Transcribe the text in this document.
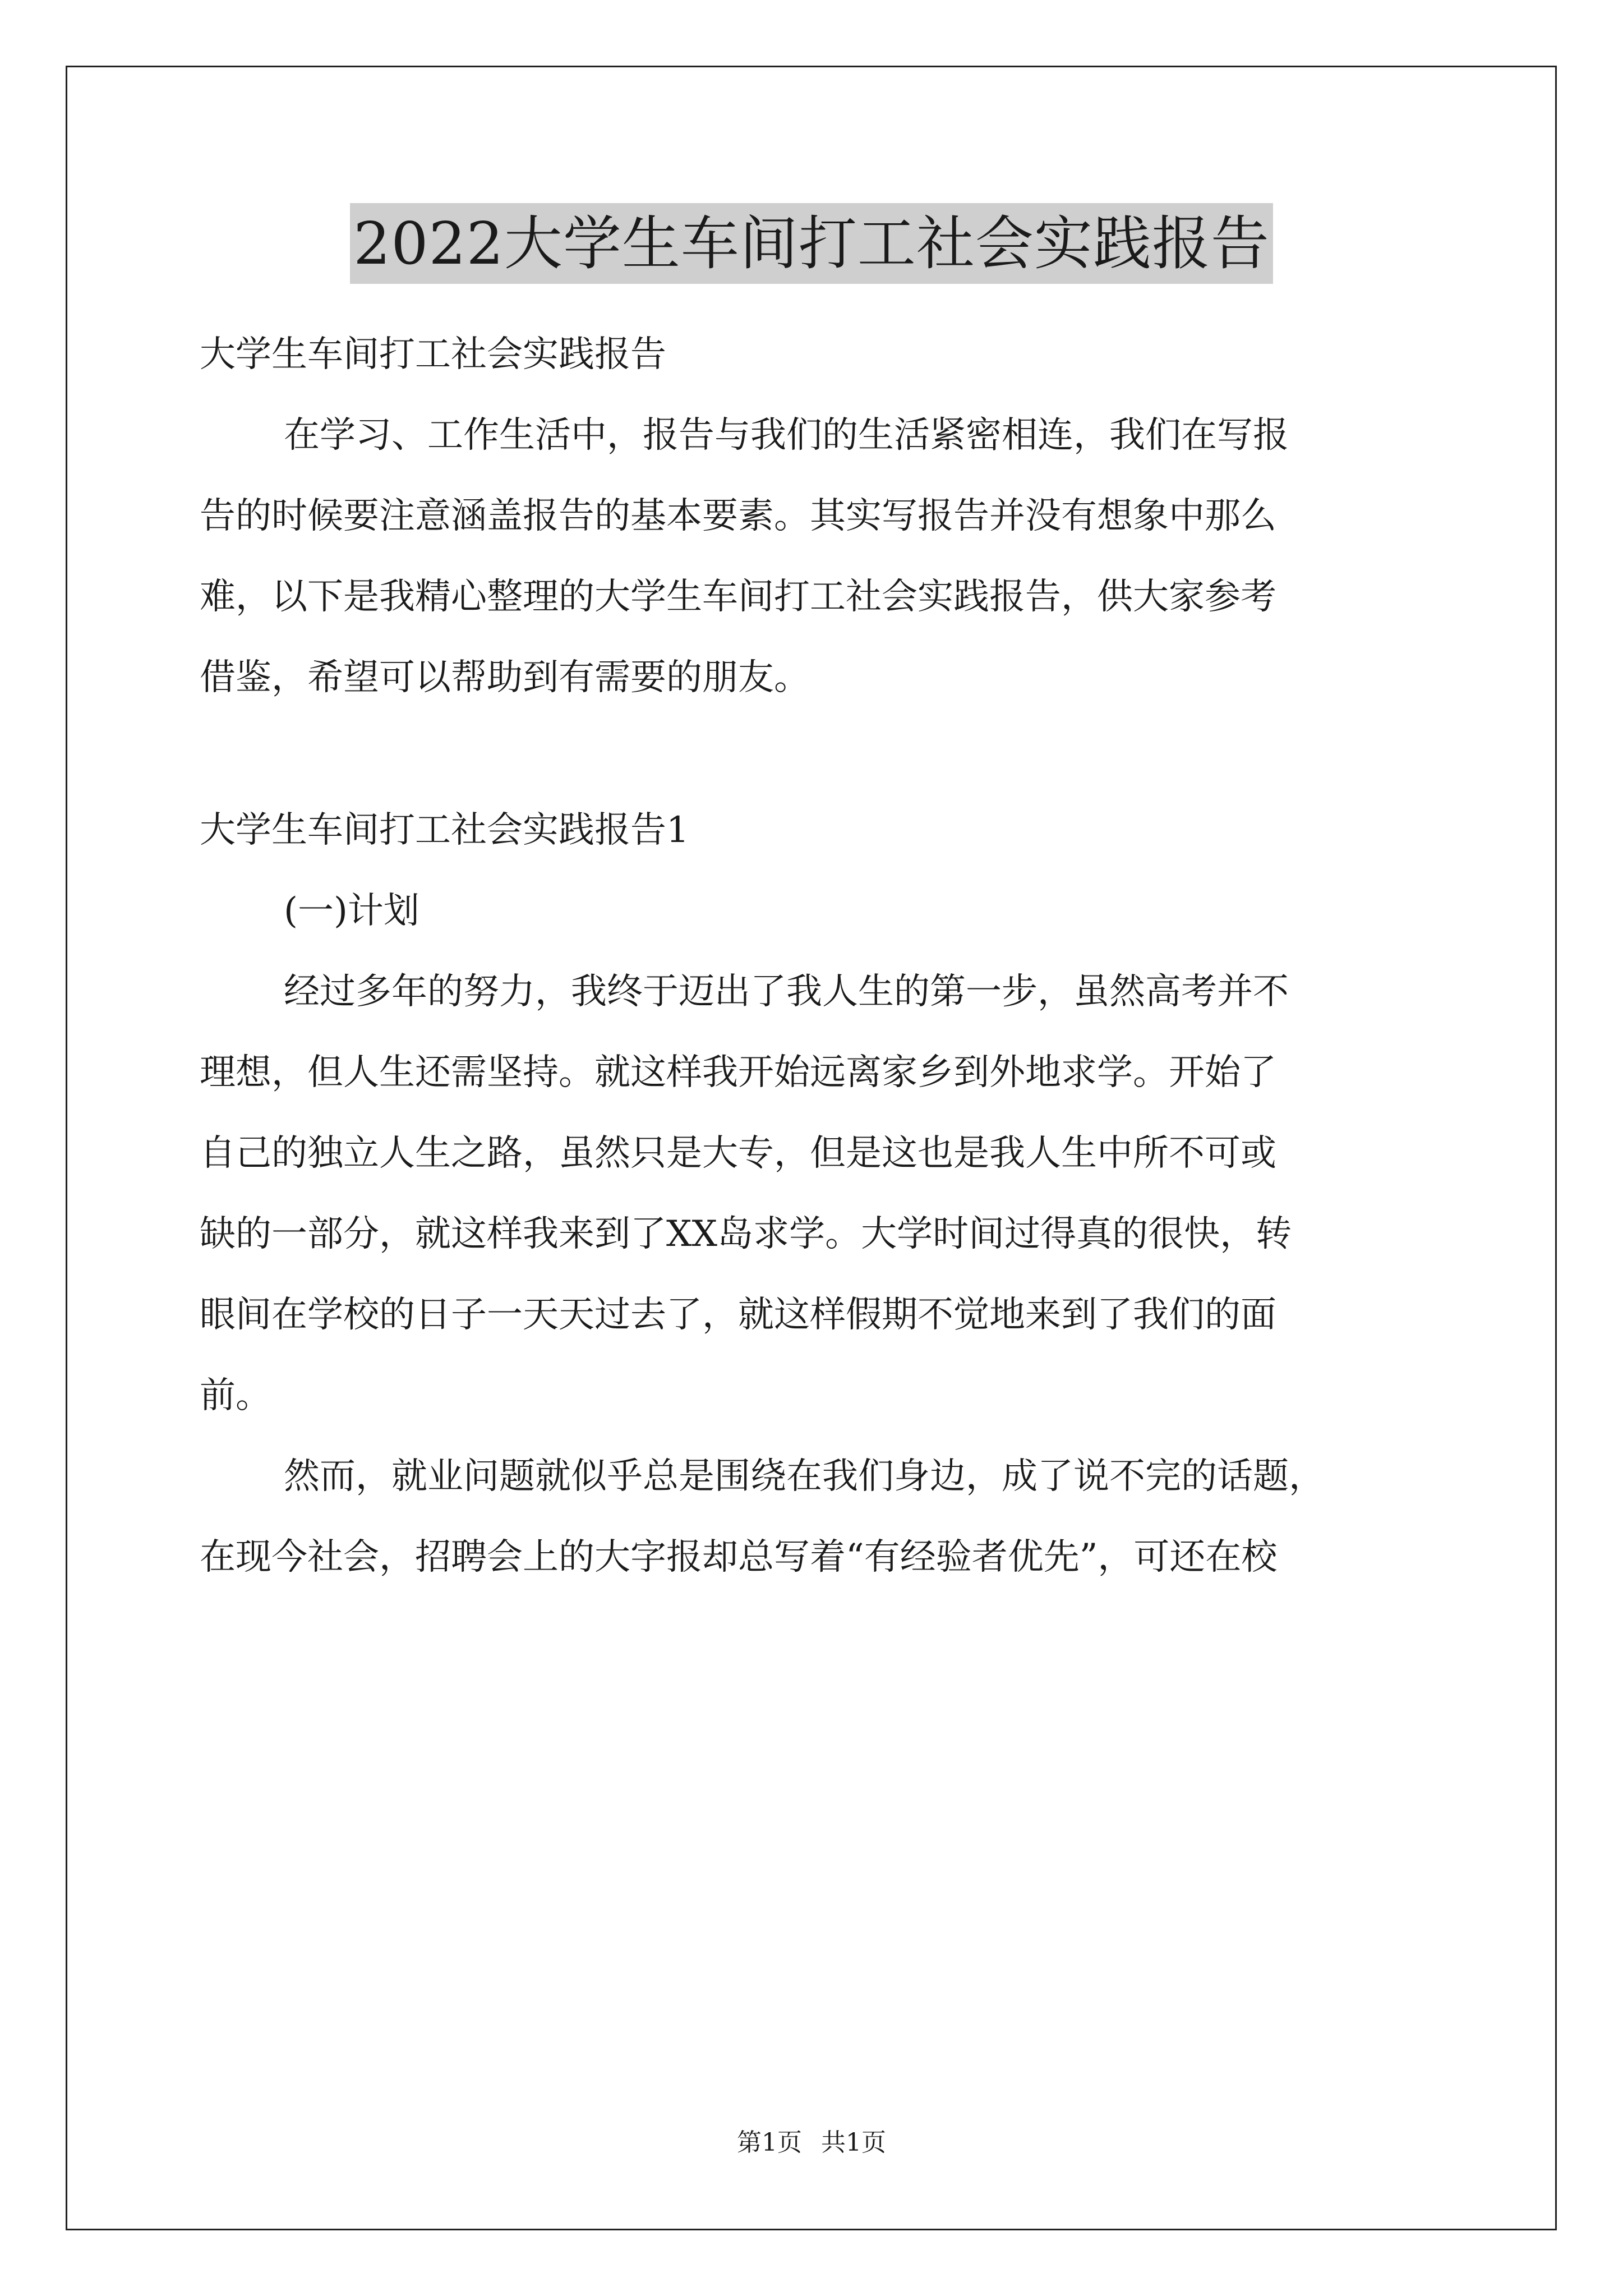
2022大学生车间打工社会实践报告
大学生车间打工社会实践报告
在学习、工作生活中，报告与我们的生活紧密相连，我们在写报
告的时候要注意涵盖报告的基本要素。其实写报告并没有想象中那么
难，以下是我精心整理的大学生车间打工社会实践报告，供大家参考
借鉴，希望可以帮助到有需要的朋友。
大学生车间打工社会实践报告1
(一)计划
经过多年的努力，我终于迈出了我人生的第一步，虽然高考并不
理想，但人生还需坚持。就这样我开始远离家乡到外地求学。开始了
自己的独立人生之路，虽然只是大专，但是这也是我人生中所不可或
缺的一部分，就这样我来到了XX岛求学。大学时间过得真的很快，转
眼间在学校的日子一天天过去了，就这样假期不觉地来到了我们的面
前。
然而，就业问题就似乎总是围绕在我们身边，成了说不完的话题，
在现今社会，招聘会上的大字报却总写着“有经验者优先”，可还在校
第1页 共1页
